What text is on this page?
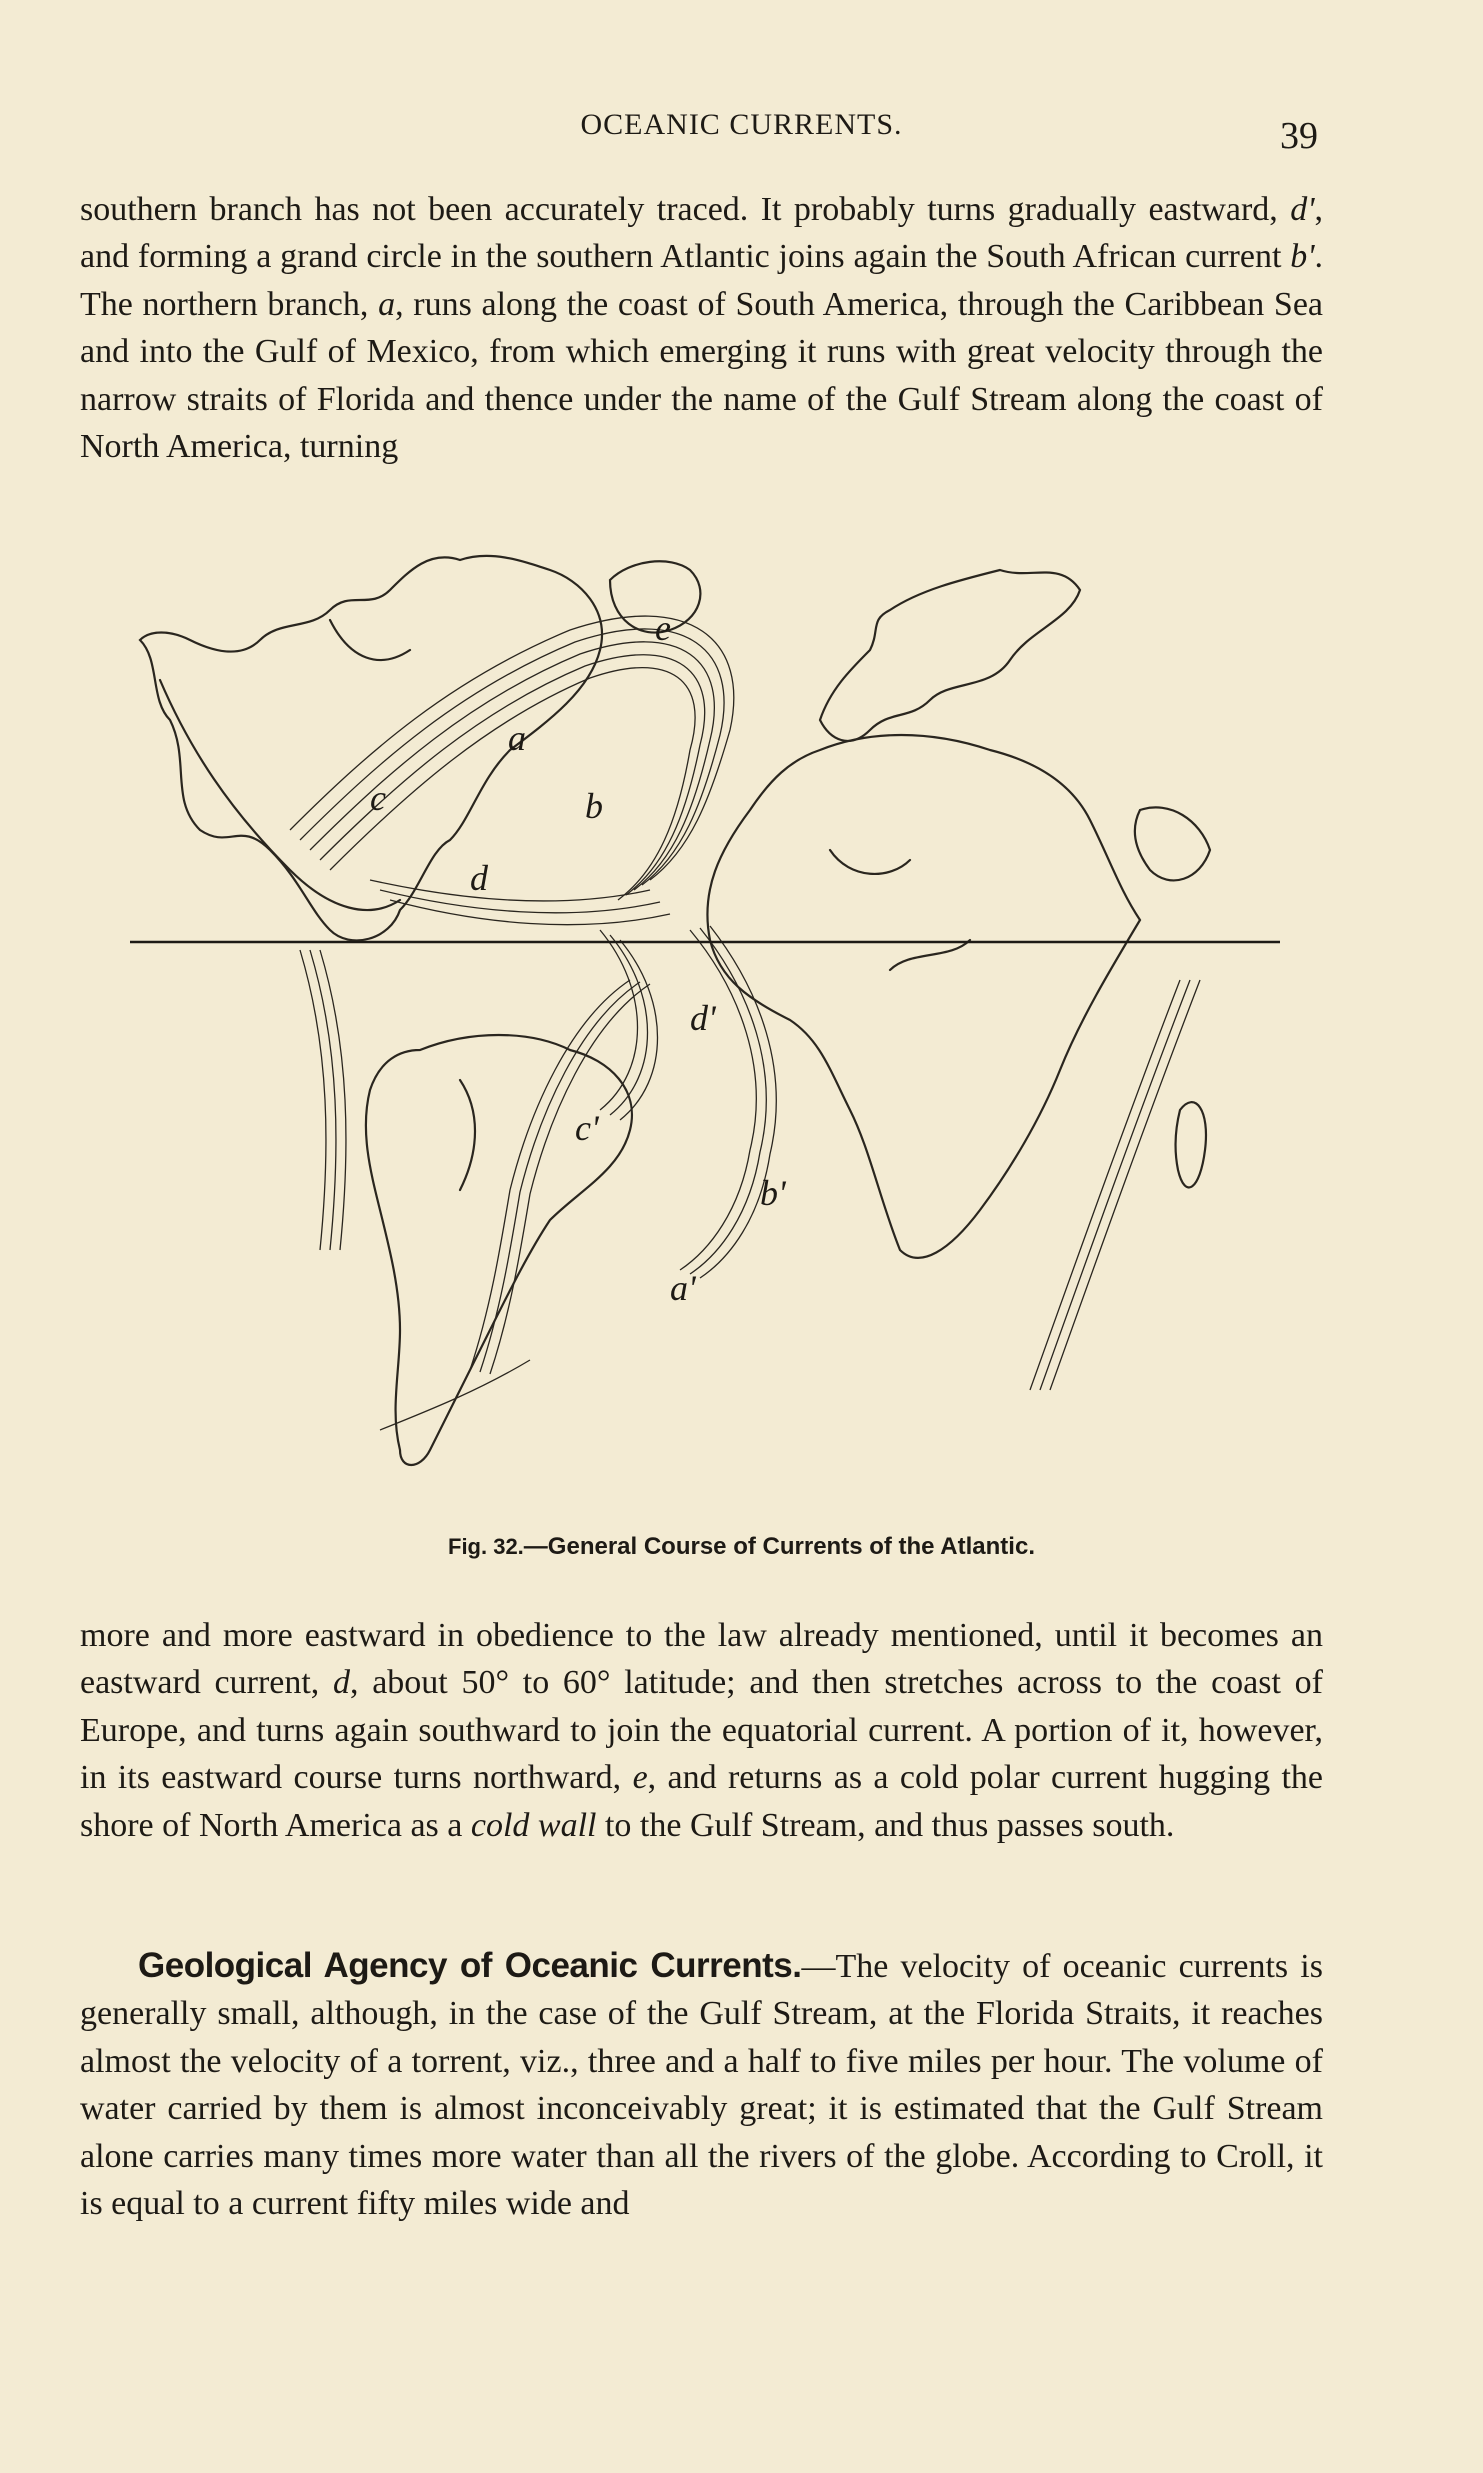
OCEANIC CURRENTS.	39

southern branch has not been accurately traced. It probably turns gradually eastward, d', and forming a grand circle in the southern Atlantic joins again the South African current b'. The northern branch, a, runs along the coast of South America, through the Caribbean Sea and into the Gulf of Mexico, from which emerging it runs with great velocity through the narrow straits of Florida and thence under the name of the Gulf Stream along the coast of North America, turning

e
a
b
c
d
d'
c'
b'
a'
Fig. 32.—General Course of Currents of the Atlantic.

more and more eastward in obedience to the law already mentioned, until it becomes an eastward current, d, about 50° to 60° latitude; and then stretches across to the coast of Europe, and turns again southward to join the equatorial current. A portion of it, however, in its eastward course turns northward, e, and returns as a cold polar current hugging the shore of North America as a cold wall to the Gulf Stream, and thus passes south.

Geological Agency of Oceanic Currents.—The velocity of oceanic currents is generally small, although, in the case of the Gulf Stream, at the Florida Straits, it reaches almost the velocity of a torrent, viz., three and a half to five miles per hour. The volume of water carried by them is almost inconceivably great; it is estimated that the Gulf Stream alone carries many times more water than all the rivers of the globe. According to Croll, it is equal to a current fifty miles wide and
